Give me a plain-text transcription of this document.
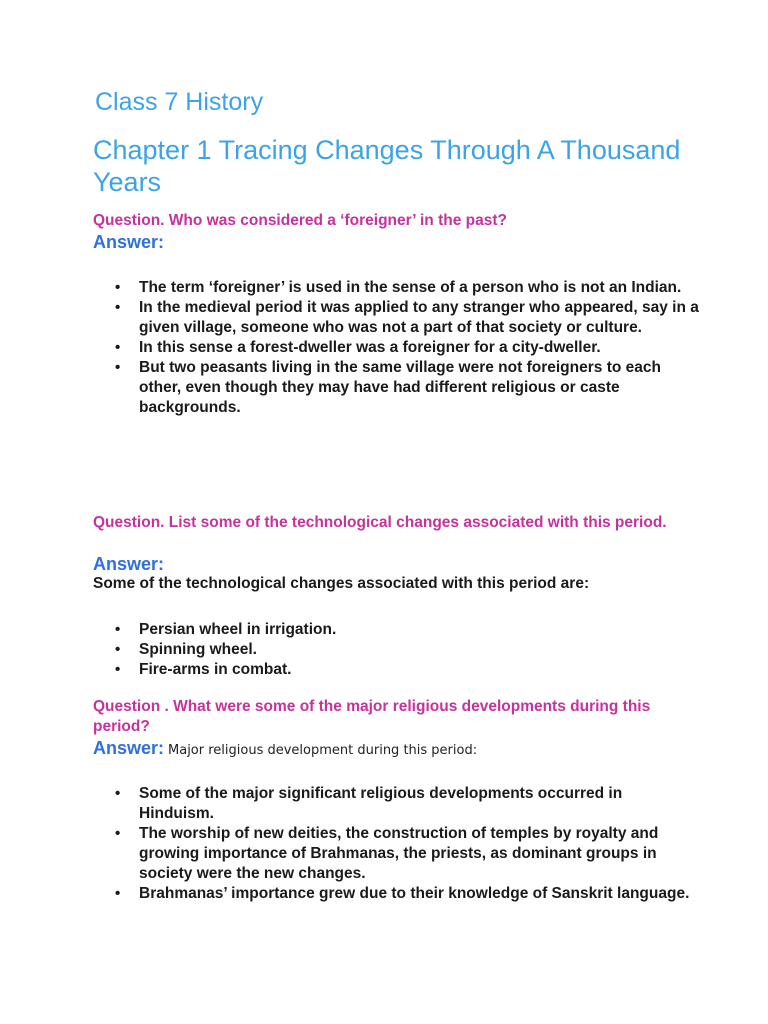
Class 7 History
Chapter 1 Tracing Changes Through A Thousand Years
Question. Who was considered a ‘foreigner’ in the past?
Answer:
• The term ‘foreigner’ is used in the sense of a person who is not an Indian.
• In the medieval period it was applied to any stranger who appeared, say in a given village, someone who was not a part of that society or culture.
• In this sense a forest-dweller was a foreigner for a city-dweller.
• But two peasants living in the same village were not foreigners to each other, even though they may have had different religious or caste backgrounds.
Question. List some of the technological changes associated with this period.
Answer:
Some of the technological changes associated with this period are:
• Persian wheel in irrigation.
• Spinning wheel.
• Fire-arms in combat.
Question . What were some of the major religious developments during this period?
Answer: Major religious development during this period:
• Some of the major significant religious developments occurred in Hinduism.
• The worship of new deities, the construction of temples by royalty and growing importance of Brahmanas, the priests, as dominant groups in society were the new changes.
• Brahmanas’ importance grew due to their knowledge of Sanskrit language.
